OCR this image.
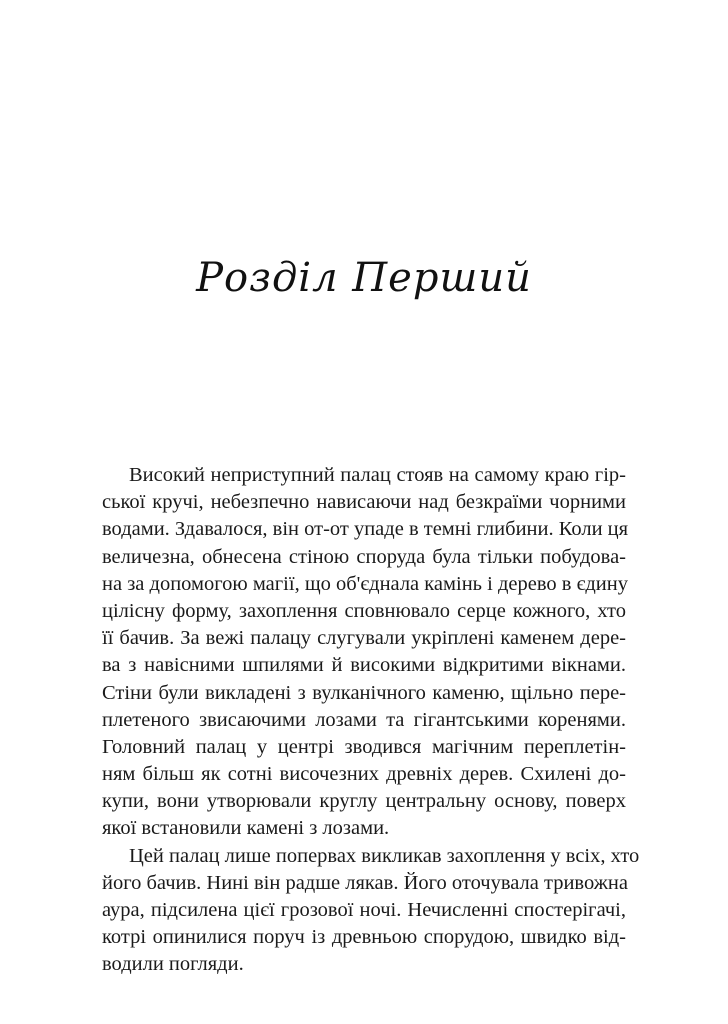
Розділ Перший
Високий неприступний палац стояв на самому краю гір-
ської кручі, небезпечно нависаючи над безкраїми чорними
водами. Здавалося, він от-от упаде в темні глибини. Коли ця
величезна, обнесена стіною споруда була тільки побудова-
на за допомогою магії, що об'єднала камінь і дерево в єдину
цілісну форму, захоплення сповнювало серце кожного, хто
її бачив. За вежі палацу слугували укріплені каменем дере-
ва з навісними шпилями й високими відкритими вікнами.
Стіни були викладені з вулканічного каменю, щільно пере-
плетеного звисаючими лозами та гігантськими коренями.
Головний палац у центрі зводився магічним переплетін-
ням більш як сотні височезних древніх дерев. Схилені до-
купи, вони утворювали круглу центральну основу, поверх
якої встановили камені з лозами.
Цей палац лише попервах викликав захоплення у всіх, хто
його бачив. Нині він радше лякав. Його оточувала тривожна
аура, підсилена цієї грозової ночі. Нечисленні спостерігачі,
котрі опинилися поруч із древньою спорудою, швидко від-
водили погляди.
